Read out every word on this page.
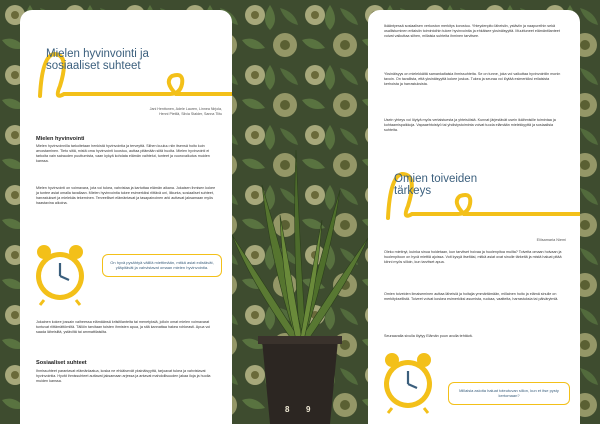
Mielen hyvinvointi ja
sosiaaliset suhteet
Jani Henttonen, Adele Lauren, Linnea Nirjola,
Henni Pietilä, Silvia Stalder, Sanna Tiitu
Mielen hyvinvointi
Mielen hyvinvoinnilla tarkoitetaan henkistä hyvinvointia ja terveyttä. Siihen kuuluu niin itsensä hoito kuin arvostaminen. Tieto siitä, mistä oma hyvinvointi koostuu, auttaa pitämään siitä huolta. Mielen hyvinvointi ei tarkoita vain sairauden puuttumista, vaan kykyä kohdata elämän vaihtelut, tunteet ja vuorovaikutus muiden kanssa.
Mielen hyvinvointi on voimavara, jota voi tukea, vahvistaa ja kartuttaa elämän aikana. Jokaisen ihmisen kokee ja tuntee asiat omalla tavallaan. Mielen hyvinvointia tukee esimerkiksi riittävä uni, liikunta, sosiaaliset suhteet, harrastukset ja mielekäs tekeminen. Terveelliset elämäntavat ja tasapainoinen arki auttavat jaksamaan myös haastavina aikoina.
On hyvä pysähtyä välillä miettimään, mitkä asiat edistävät, ylläpitävät ja vahvistavat omaan mielen hyvinvointia.
Jokainen kokee jossain vaiheessa elämäänsä kriisitilanteita tai menetyksiä, jolloin omat mielen voimavarat tuntuvat riittämättömiltä. Tällöin tarvitaan toisten ihmisten apua, ja sitä kannattaa hakea rohkeasti. Apua voi saada läheisiltä, ystäviltä tai ammattilaisilta.
Sosiaaliset suhteet
Ihmissuhteet parantavat elämänlaatua, koska ne ehkäisevät yksinäisyyttä, tarjoavat tukea ja vahvistavat hyvinvointia. Hyvät ihmissuhteet auttavat jaksamaan arjessa ja antavat mahdollisuuden jakaa iloja ja huolia muiden kanssa.
Ikääntyessä sosiaalisen verkoston merkitys korostuu. Yhteydenpito läheisiin, ystäviin ja naapureihin sekä osallistuminen erilaisiin toimintoihin tukee hyvinvointia ja ehkäisee yksinäisyyttä. Muuttuneet elämäntilanteet voivat vaikuttaa siihen, millaisia suhteita ihminen tarvitsee.
Yksinäisyys on mielekkäitä samankaltaisia ihmissuhteita. Se on tunne, joka voi vaikuttaa hyvinvointiin monin tavoin. On tavallista, että yksinäisyyttä kokee joskus. Tukea ja seuraa voi löytää esimerkiksi erilaisista kerhoista ja harrastuksista.
Usein yhteys voi löytyä myös vertaistuesta ja yhteisöistä. Kunnat järjestävät usein ikäihmisille toimintaa ja kohtaamispaikkoja. Vapaaehtoistyö tai yhdistystoiminta voivat tuoda elämään mielekkyyttä ja sosiaalisia suhteita.
Omien toiveiden
tärkeys
Eliisamaria Niemi
Oleko mietinyt, kuinka sinua hoidetaan, kun tarvitset hoivaa ja huolenpitoa muilta? Toiveita omaan hoivaan ja huolenpitoon on hyvä miettiä ajoissa. Voit kysyä itseltäsi, mitkä asiat ovat sinulle tärkeitä ja mistä haluat pitää kiinni myös silloin, kun tarvitset apua.
Omien toiveiden ilmaiseminen auttaa läheisiä ja hoitajia ymmärtämään, millainen hoito ja elämä sinulle on merkityksellistä. Toiveet voivat koskea esimerkiksi asumista, ruokaa, vaatteita, harrastuksia tai päivärytmiä.
Seuraavalla sivulla löytyy Elämän puun avulla tehtävä.
Millaisia asioita haluat toteutuvan sillon, kun et itse pysty kertomaan?
8 9
